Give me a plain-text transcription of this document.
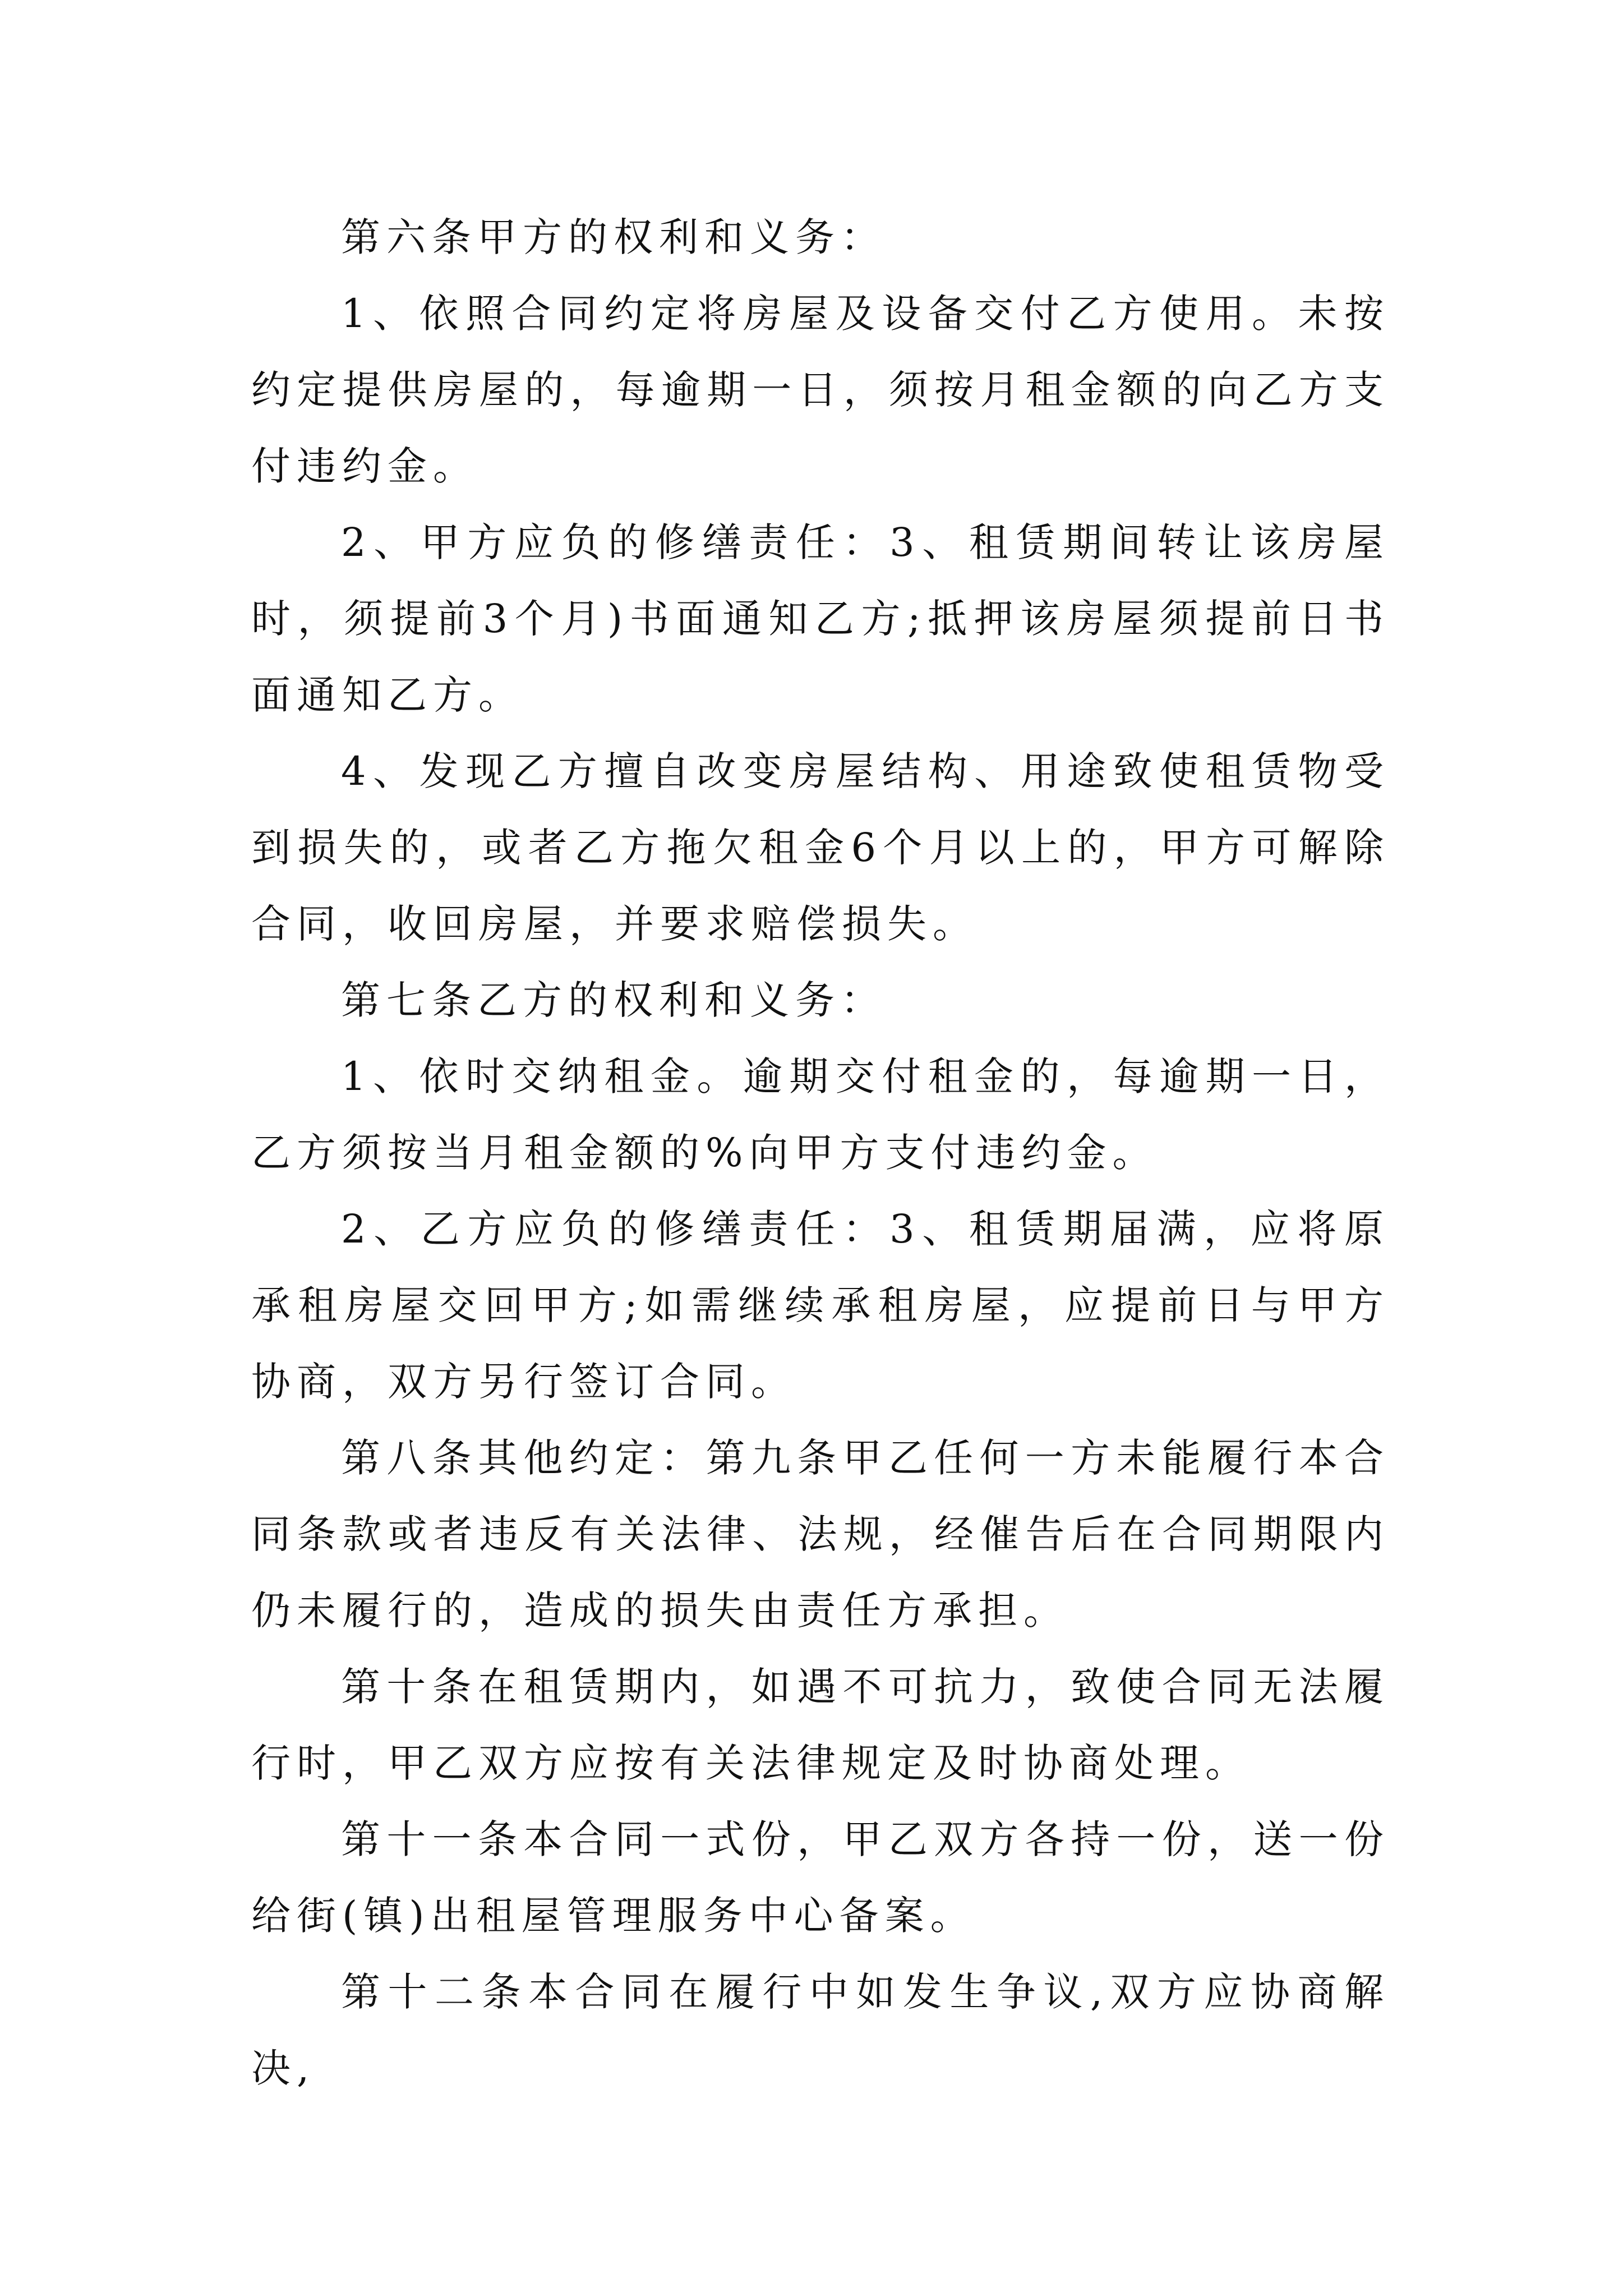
第六条甲方的权利和义务：

1、依照合同约定将房屋及设备交付乙方使用。未按约定提供房屋的，每逾期一日，须按月租金额的向乙方支付违约金。

2、甲方应负的修缮责任：3、租赁期间转让该房屋时，须提前3个月)书面通知乙方;抵押该房屋须提前日书面通知乙方。

4、发现乙方擅自改变房屋结构、用途致使租赁物受到损失的，或者乙方拖欠租金6个月以上的，甲方可解除合同，收回房屋，并要求赔偿损失。

第七条乙方的权利和义务：

1、依时交纳租金。逾期交付租金的，每逾期一日，乙方须按当月租金额的%向甲方支付违约金。

2、乙方应负的修缮责任：3、租赁期届满，应将原承租房屋交回甲方;如需继续承租房屋，应提前日与甲方协商，双方另行签订合同。

第八条其他约定：第九条甲乙任何一方未能履行本合同条款或者违反有关法律、法规，经催告后在合同期限内仍未履行的，造成的损失由责任方承担。

第十条在租赁期内，如遇不可抗力，致使合同无法履行时，甲乙双方应按有关法律规定及时协商处理。

第十一条本合同一式份，甲乙双方各持一份，送一份给街(镇)出租屋管理服务中心备案。

第十二条本合同在履行中如发生争议,双方应协商解决,
